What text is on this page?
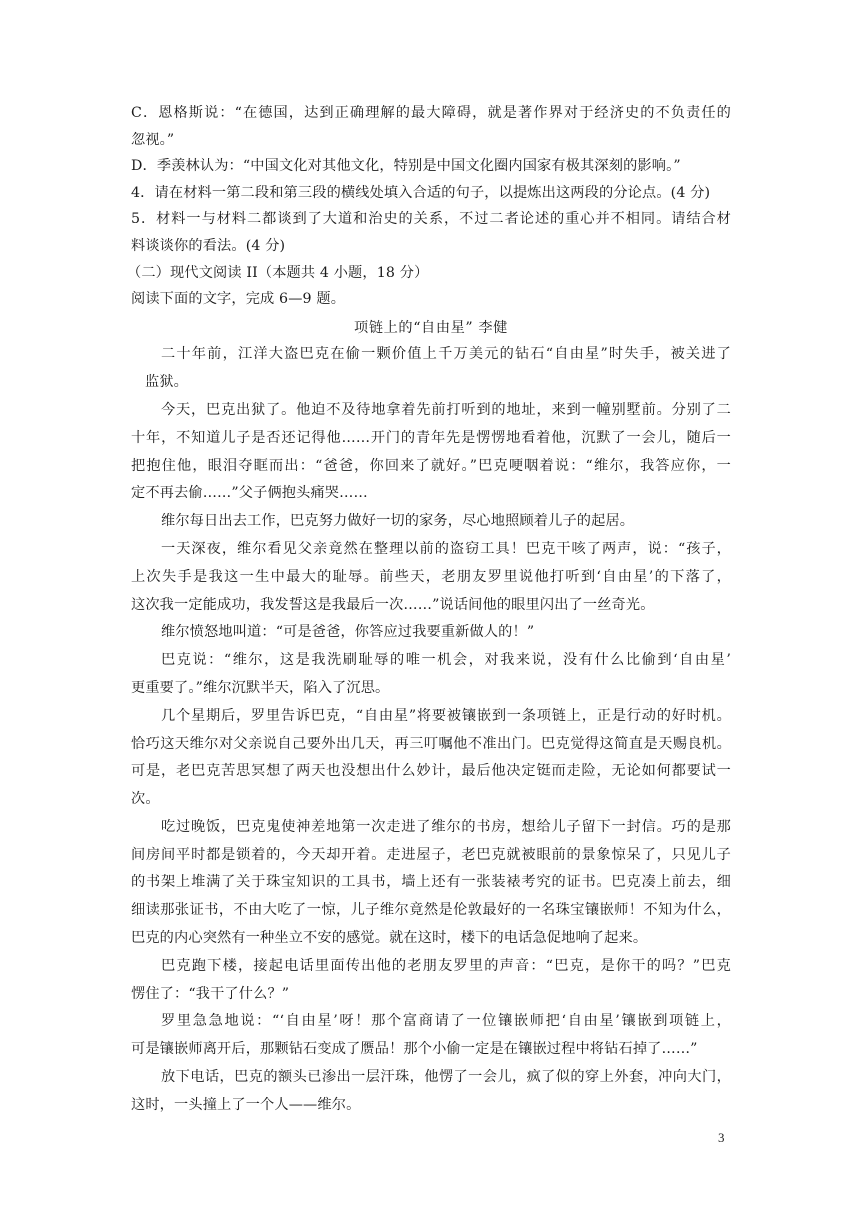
C．恩格斯说：“在德国，达到正确理解的最大障碍，就是著作界对于经济史的不负责任的
忽视。”
D．季羡林认为：“中国文化对其他文化，特别是中国文化圈内国家有极其深刻的影响。”
4．请在材料一第二段和第三段的横线处填入合适的句子，以提炼出这两段的分论点。(4 分)
5．材料一与材料二都谈到了大道和治史的关系，不过二者论述的重心并不相同。请结合材
料谈谈你的看法。(4 分)
（二）现代文阅读 II（本题共 4 小题，18 分）
阅读下面的文字，完成 6—9 题。
项链上的“自由星” 李健

二十年前，江洋大盗巴克在偷一颗价值上千万美元的钻石“自由星”时失手，被关进了
监狱。

今天，巴克出狱了。他迫不及待地拿着先前打听到的地址，来到一幢别墅前。分别了二
十年，不知道儿子是否还记得他……开门的青年先是愣愣地看着他，沉默了一会儿，随后一
把抱住他，眼泪夺眶而出：“爸爸，你回来了就好。”巴克哽咽着说：“维尔，我答应你，一
定不再去偷……”父子俩抱头痛哭……

维尔每日出去工作，巴克努力做好一切的家务，尽心地照顾着儿子的起居。

一天深夜，维尔看见父亲竟然在整理以前的盗窃工具！巴克干咳了两声，说：“孩子，
上次失手是我这一生中最大的耻辱。前些天，老朋友罗里说他打听到‘自由星’的下落了，
这次我一定能成功，我发誓这是我最后一次……”说话间他的眼里闪出了一丝奇光。

维尔愤怒地叫道：“可是爸爸，你答应过我要重新做人的！”

巴克说：“维尔，这是我洗刷耻辱的唯一机会，对我来说，没有什么比偷到‘自由星’
更重要了。”维尔沉默半天，陷入了沉思。

几个星期后，罗里告诉巴克，“自由星”将要被镶嵌到一条项链上，正是行动的好时机。
恰巧这天维尔对父亲说自己要外出几天，再三叮嘱他不准出门。巴克觉得这简直是天赐良机。
可是，老巴克苦思冥想了两天也没想出什么妙计，最后他决定铤而走险，无论如何都要试一
次。

吃过晚饭，巴克鬼使神差地第一次走进了维尔的书房，想给儿子留下一封信。巧的是那
间房间平时都是锁着的，今天却开着。走进屋子，老巴克就被眼前的景象惊呆了，只见儿子
的书架上堆满了关于珠宝知识的工具书，墙上还有一张装裱考究的证书。巴克凑上前去，细
细读那张证书，不由大吃了一惊，儿子维尔竟然是伦敦最好的一名珠宝镶嵌师！不知为什么，
巴克的内心突然有一种坐立不安的感觉。就在这时，楼下的电话急促地响了起来。

巴克跑下楼，接起电话里面传出他的老朋友罗里的声音：“巴克，是你干的吗？”巴克
愣住了：“我干了什么？”

罗里急急地说：“‘自由星’呀！那个富商请了一位镶嵌师把‘自由星’镶嵌到项链上，
可是镶嵌师离开后，那颗钻石变成了赝品！那个小偷一定是在镶嵌过程中将钻石掉了……”

放下电话，巴克的额头已渗出一层汗珠，他愣了一会儿，疯了似的穿上外套，冲向大门，
这时，一头撞上了一个人——维尔。

3
